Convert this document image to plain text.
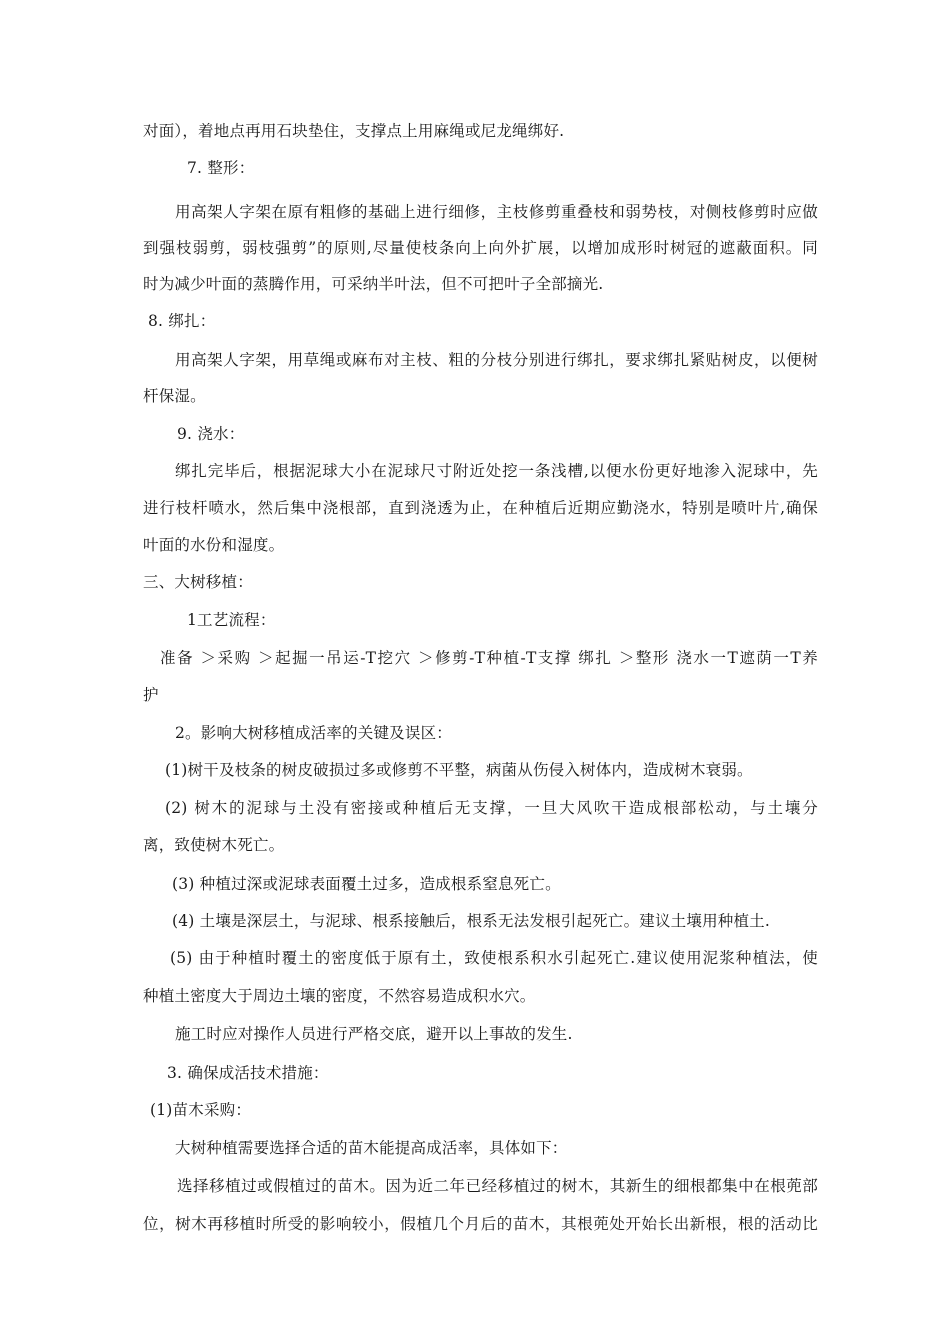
对面），着地点再用石块垫住，支撑点上用麻绳或尼龙绳绑好.
7. 整形：
用高架人字架在原有粗修的基础上进行细修，主枝修剪重叠枝和弱势枝，对侧枝修剪时应做
到强枝弱剪，弱枝强剪”的原则,尽量使枝条向上向外扩展，以增加成形时树冠的遮蔽面积。同
时为减少叶面的蒸腾作用，可采纳半叶法，但不可把叶子全部摘光.
8. 绑扎：
用高架人字架，用草绳或麻布对主枝、粗的分枝分别进行绑扎，要求绑扎紧贴树皮，以便树
杆保湿。
9. 浇水：
绑扎完毕后，根据泥球大小在泥球尺寸附近处挖一条浅槽,以便水份更好地渗入泥球中，先
进行枝杆喷水，然后集中浇根部，直到浇透为止，在种植后近期应勤浇水，特别是喷叶片,确保
叶面的水份和湿度。
三、大树移植：
1工艺流程：
准备 ＞采购 ＞起掘一吊运-T挖穴 ＞修剪-T种植-T支撑 绑扎 ＞整形 浇水一T遮荫一T养
护
2。影响大树移植成活率的关键及误区：
(1)树干及枝条的树皮破损过多或修剪不平整，病菌从伤侵入树体内，造成树木衰弱。
(2) 树木的泥球与土没有密接或种植后无支撑，一旦大风吹干造成根部松动，与土壤分
离，致使树木死亡。
(3) 种植过深或泥球表面覆土过多，造成根系窒息死亡。
(4) 土壤是深层土，与泥球、根系接触后，根系无法发根引起死亡。建议土壤用种植土.
(5) 由于种植时覆土的密度低于原有土，致使根系积水引起死亡.建议使用泥浆种植法，使
种植土密度大于周边土壤的密度，不然容易造成积水穴。
施工时应对操作人员进行严格交底，避开以上事故的发生.
3. 确保成活技术措施：
(1)苗木采购：
大树种植需要选择合适的苗木能提高成活率，具体如下：
选择移植过或假植过的苗木。因为近二年已经移植过的树木，其新生的细根都集中在根蔸部
位，树木再移植时所受的影响较小，假植几个月后的苗木，其根蔸处开始长出新根，根的活动比
